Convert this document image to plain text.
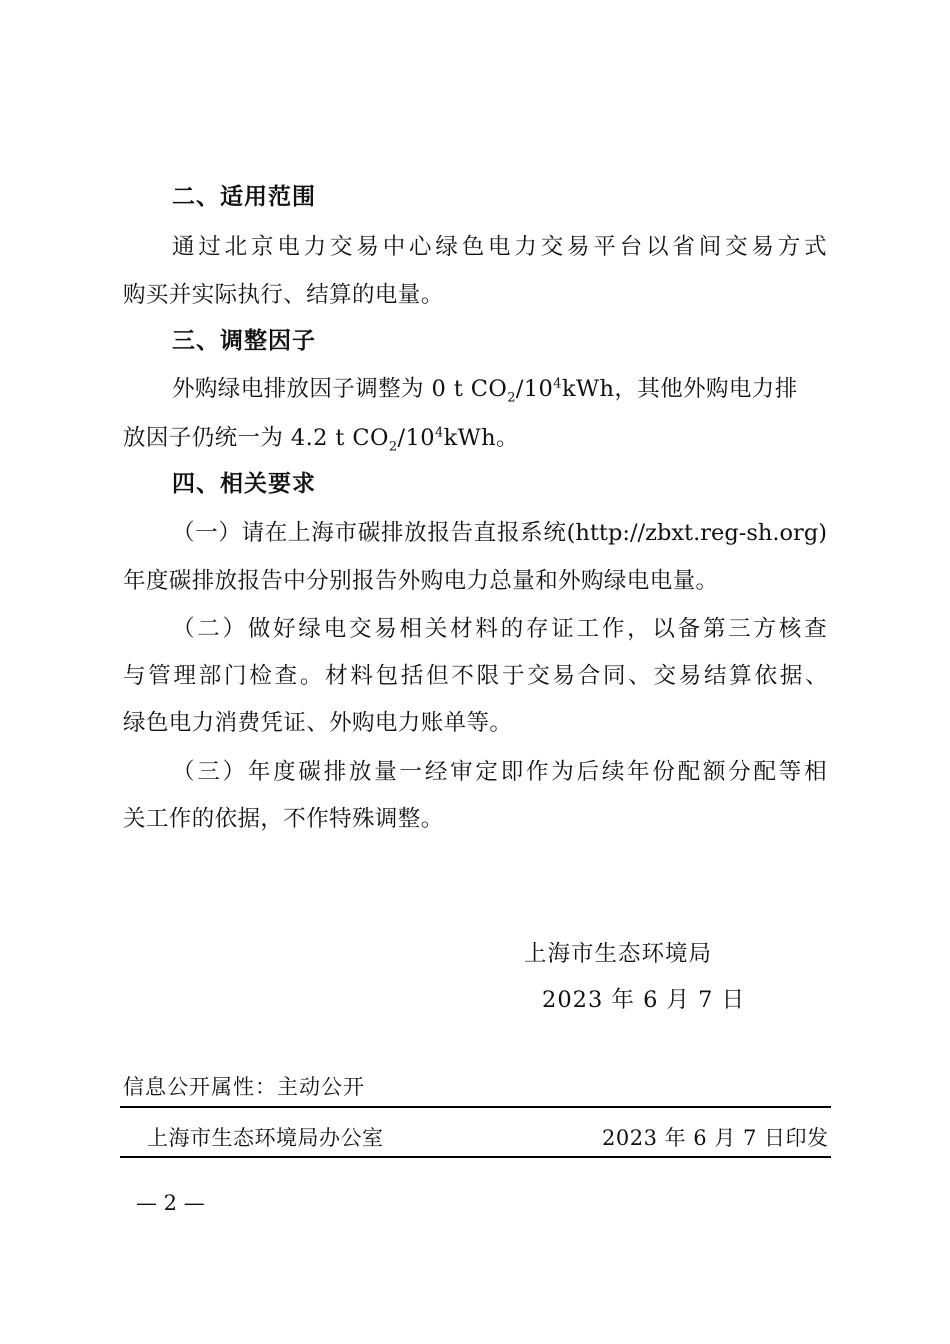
二、适用范围
通过北京电力交易中心绿色电力交易平台以省间交易方式
购买并实际执行、结算的电量。
三、调整因子
外购绿电排放因子调整为 0 t $CO_2/10^4kWh$，其他外购电力排
放因子仍统一为 4.2 t $CO_2/10^4kWh$。
四、相关要求
（一）请在上海市碳排放报告直报系统(http://zbxt.reg-sh.org)
年度碳排放报告中分别报告外购电力总量和外购绿电电量。
（二）做好绿电交易相关材料的存证工作，以备第三方核查
与管理部门检查。材料包括但不限于交易合同、交易结算依据、
绿色电力消费凭证、外购电力账单等。
（三）年度碳排放量一经审定即作为后续年份配额分配等相
关工作的依据，不作特殊调整。
上海市生态环境局
2023 年 6 月 7 日
信息公开属性：主动公开
上海市生态环境局办公室	2023 年 6 月 7 日印发
— 2 —
